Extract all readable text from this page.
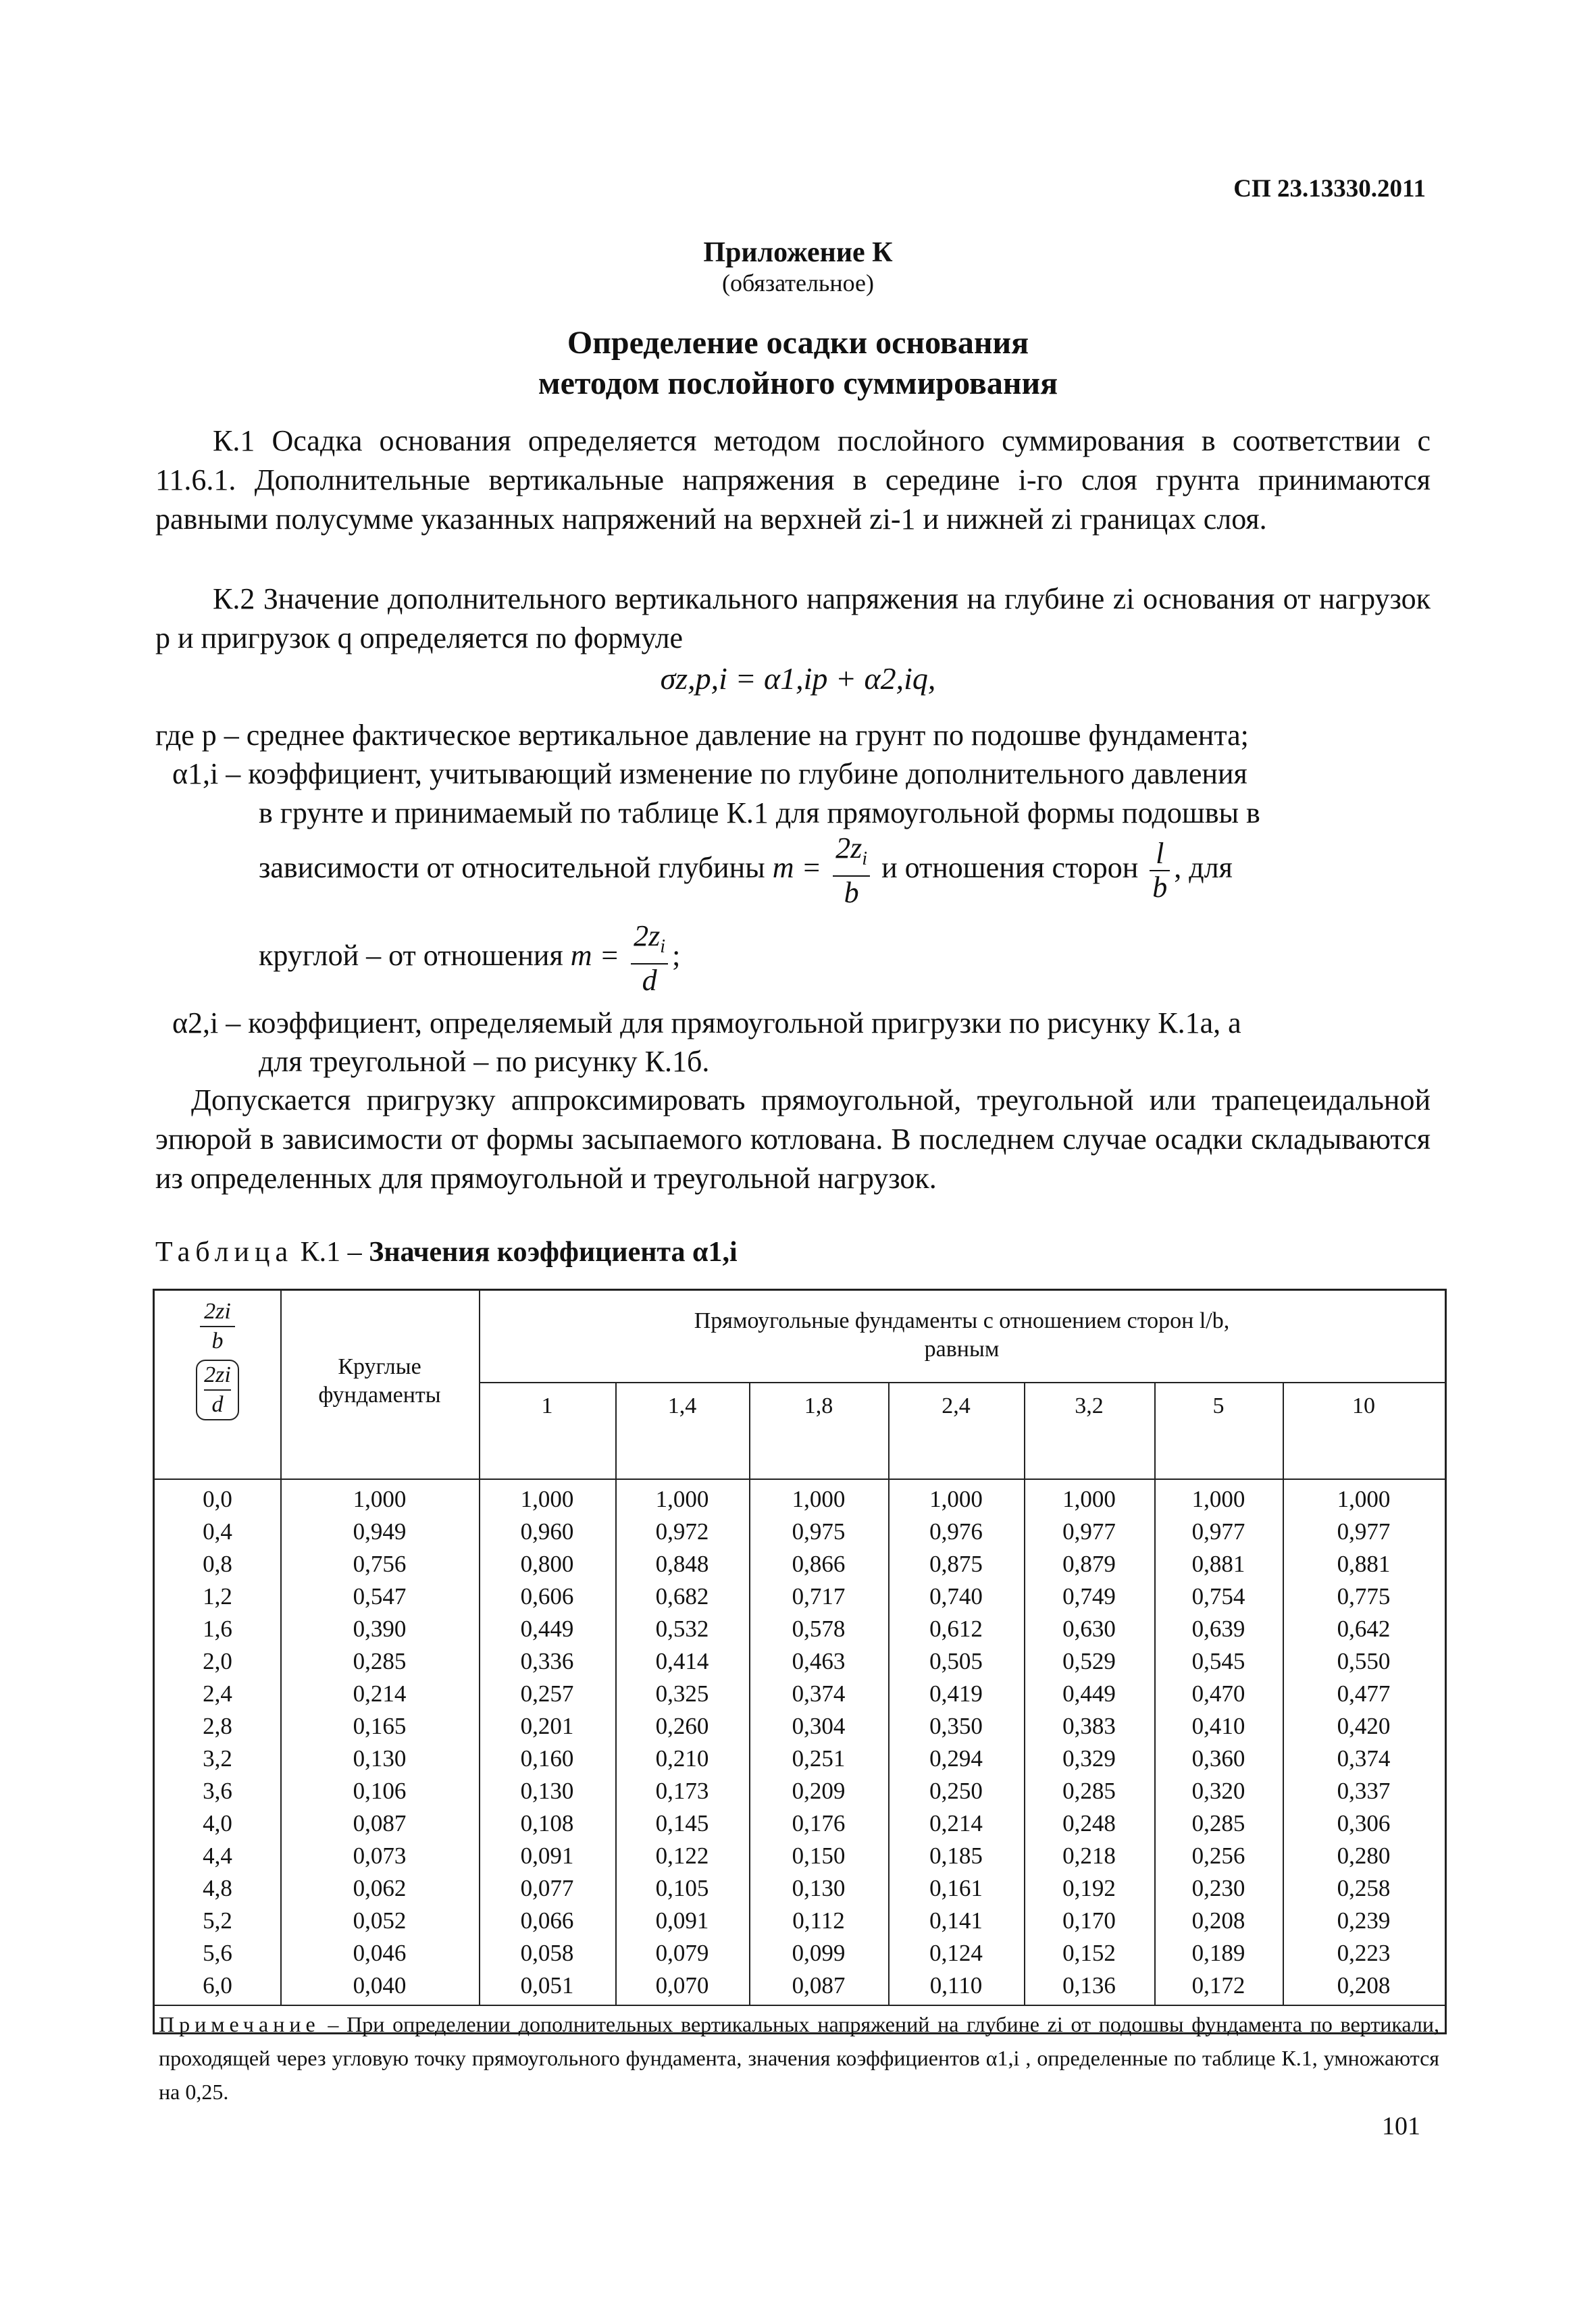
СП 23.13330.2011
Приложение К
(обязательное)
Определение осадки основания
методом послойного суммирования
К.1 Осадка основания определяется методом послойного суммирования в соответствии с 11.6.1. Дополнительные вертикальные напряжения в середине i-го слоя грунта принимаются равными полусумме указанных напряжений на верхней zi-1 и нижней zi границах слоя.
К.2 Значение дополнительного вертикального напряжения на глубине zi основания от нагрузок p и пригрузок q определяется по формуле
σz,p,i = α1,ip + α2,iq,
где p – среднее фактическое вертикальное давление на грунт по подошве фундамента;
α1,i – коэффициент, учитывающий изменение по глубине дополнительного давления
в грунте и принимаемый по таблице К.1 для прямоугольной формы подошвы в
зависимости от относительной глубины $m = \frac{2z_i}{b}$ и отношения сторон $\frac{l}{b}$ , для
круглой – от отношения $m = \frac{2z_i}{d}$ ;
α2,i – коэффициент, определяемый для прямоугольной пригрузки по рисунку К.1а, а
для треугольной – по рисунку К.1б.
Допускается пригрузку аппроксимировать прямоугольной, треугольной или трапецеидальной эпюрой в зависимости от формы засыпаемого котлована. В последнем случае осадки складываются из определенных для прямоугольной и треугольной нагрузок.
Таблица К.1 – Значения коэффициента α1,i
2zi
b
$\frac{2zi}{d}$	Круглые фундаменты
Прямоугольные фундаменты с отношением сторон l/b, равным
1	1,4	1,8	2,4	3,2	5	10
0,0	1,000	1,000	1,000	1,000	1,000	1,000	1,000	1,000
0,4	0,949	0,960	0,972	0,975	0,976	0,977	0,977	0,977
0,8	0,756	0,800	0,848	0,866	0,875	0,879	0,881	0,881
1,2	0,547	0,606	0,682	0,717	0,740	0,749	0,754	0,775
1,6	0,390	0,449	0,532	0,578	0,612	0,630	0,639	0,642
2,0	0,285	0,336	0,414	0,463	0,505	0,529	0,545	0,550
2,4	0,214	0,257	0,325	0,374	0,419	0,449	0,470	0,477
2,8	0,165	0,201	0,260	0,304	0,350	0,383	0,410	0,420
3,2	0,130	0,160	0,210	0,251	0,294	0,329	0,360	0,374
3,6	0,106	0,130	0,173	0,209	0,250	0,285	0,320	0,337
4,0	0,087	0,108	0,145	0,176	0,214	0,248	0,285	0,306
4,4	0,073	0,091	0,122	0,150	0,185	0,218	0,256	0,280
4,8	0,062	0,077	0,105	0,130	0,161	0,192	0,230	0,258
5,2	0,052	0,066	0,091	0,112	0,141	0,170	0,208	0,239
5,6	0,046	0,058	0,079	0,099	0,124	0,152	0,189	0,223
6,0	0,040	0,051	0,070	0,087	0,110	0,136	0,172	0,208
Примечание – При определении дополнительных вертикальных напряжений на глубине zi от подошвы фундамента по вертикали, проходящей через угловую точку прямоугольного фундамента, значения коэффициентов α1,i , определенные по таблице К.1, умножаются на 0,25.
101
